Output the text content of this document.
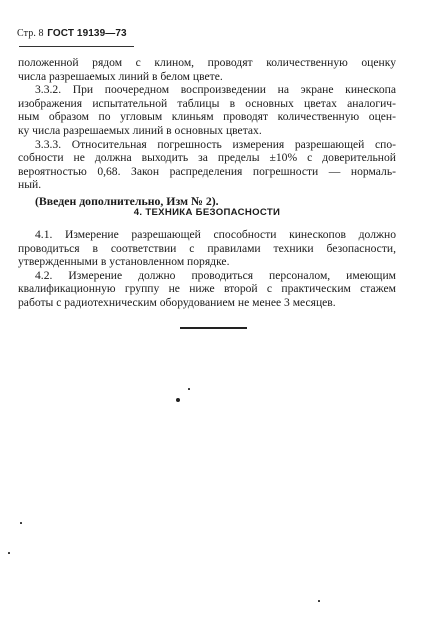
Стр. 8 ГОСТ 19139—73

положенной рядом с клином, проводят количественную оценку
числа разрешаемых линий в белом цвете.

3.3.2. При поочередном воспроизведении на экране кинескопа
изображения испытательной таблицы в основных цветах аналогич-
ным образом по угловым клиньям проводят количественную оцен-
ку числа разрешаемых линий в основных цветах.

3.3.3. Относительная погрешность измерения разрешающей спо-
собности не должна выходить за пределы ±10% с доверительной
вероятностью 0,68. Закон распределения погрешности — нормаль-
ный.

(Введен дополнительно, Изм № 2).

4. ТЕХНИКА БЕЗОПАСНОСТИ

4.1. Измерение разрешающей способности кинескопов должно
проводиться в соответствии с правилами техники безопасности,
утвержденными в установленном порядке.

4.2. Измерение должно проводиться персоналом, имеющим
квалификационную группу не ниже второй с практическим стажем
работы с радиотехническим оборудованием не менее 3 месяцев.
